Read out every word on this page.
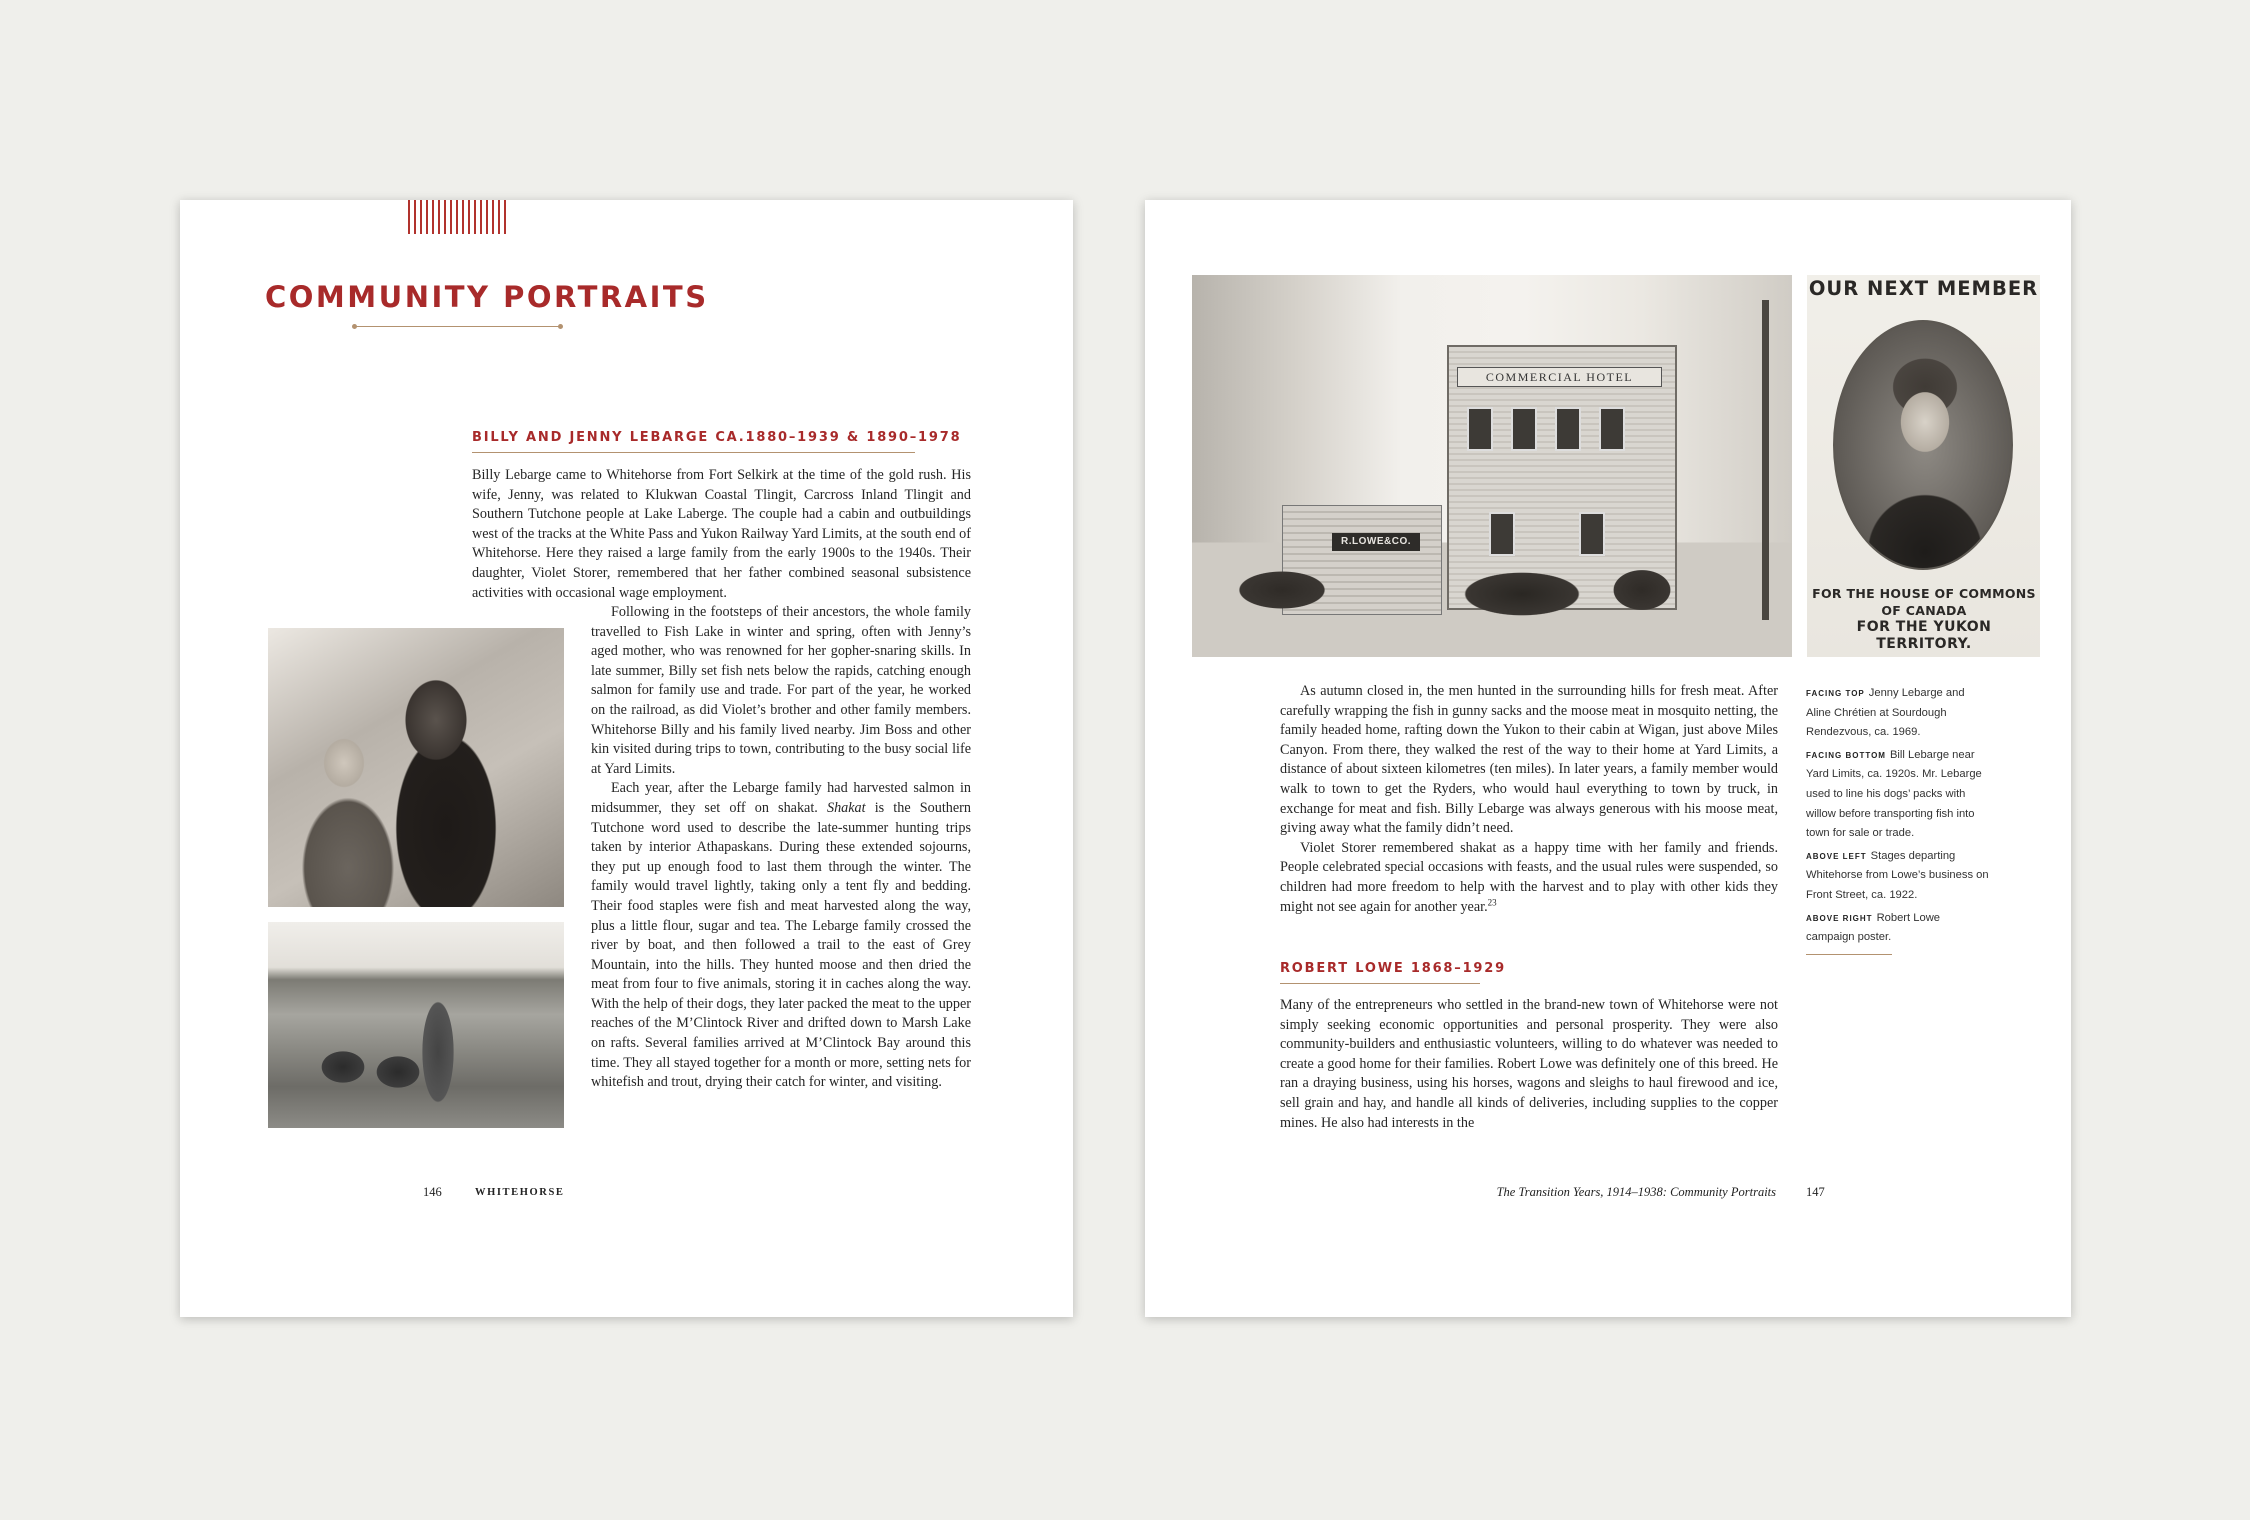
COMMUNITY PORTRAITS
BILLY AND JENNY LEBARGE CA.1880–1939 & 1890–1978

Billy Lebarge came to Whitehorse from Fort Selkirk at the time of the gold rush. His wife, Jenny, was related to Klukwan Coastal Tlingit, Carcross Inland Tlingit and Southern Tutchone people at Lake Laberge. The couple had a cabin and outbuildings west of the tracks at the White Pass and Yukon Railway Yard Limits, at the south end of Whitehorse. Here they raised a large family from the early 1900s to the 1940s. Their daughter, Violet Storer, remembered that her father combined seasonal subsistence activities with occasional wage employment.

Following in the footsteps of their ancestors, the whole family travelled to Fish Lake in winter and spring, often with Jenny’s aged mother, who was renowned for her gopher-snaring skills. In late summer, Billy set fish nets below the rapids, catching enough salmon for family use and trade. For part of the year, he worked on the railroad, as did Violet’s brother and other family members. Whitehorse Billy and his family lived nearby. Jim Boss and other kin visited during trips to town, contributing to the busy social life at Yard Limits.

Each year, after the Lebarge family had harvested salmon in midsummer, they set off on shakat. Shakat is the Southern Tutchone word used to describe the late-summer hunting trips taken by interior Athapaskans. During these extended sojourns, they put up enough food to last them through the winter. The family would travel lightly, taking only a tent fly and bedding. Their food staples were fish and meat harvested along the way, plus a little flour, sugar and tea. The Lebarge family crossed the river by boat, and then followed a trail to the east of Grey Mountain, into the hills. They hunted moose and then dried the meat from four to five animals, storing it in caches along the way. With the help of their dogs, they later packed the meat to the upper reaches of the M’Clintock River and drifted down to Marsh Lake on rafts. Several families arrived at M’Clintock Bay around this time. They all stayed together for a month or more, setting nets for whitefish and trout, drying their catch for winter, and visiting.

146	WHITEHORSE
R.LOWE&CO.
COMMERCIAL HOTEL
OUR NEXT MEMBER
FOR THE HOUSE OF COMMONS OF CANADA
FOR THE YUKON TERRITORY.

As autumn closed in, the men hunted in the surrounding hills for fresh meat. After carefully wrapping the fish in gunny sacks and the moose meat in mosquito netting, the family headed home, rafting down the Yukon to their cabin at Wigan, just above Miles Canyon. From there, they walked the rest of the way to their home at Yard Limits, a distance of about sixteen kilometres (ten miles). In later years, a family member would walk to town to get the Ryders, who would haul everything to town by truck, in exchange for meat and fish. Billy Lebarge was always generous with his moose meat, giving away what the family didn’t need.

Violet Storer remembered shakat as a happy time with her family and friends. People celebrated special occasions with feasts, and the usual rules were suspended, so children had more freedom to help with the harvest and to play with other kids they might not see again for another year.$^{23}$

ROBERT LOWE 1868–1929

Many of the entrepreneurs who settled in the brand-new town of Whitehorse were not simply seeking economic opportunities and personal prosperity. They were also community-builders and enthusiastic volunteers, willing to do whatever was needed to create a good home for their families. Robert Lowe was definitely one of this breed. He ran a draying business, using his horses, wagons and sleighs to haul firewood and ice, sell grain and hay, and handle all kinds of deliveries, including supplies to the copper mines. He also had interests in the

FACING TOP Jenny Lebarge and Aline Chrétien at Sourdough Rendezvous, ca. 1969.
FACING BOTTOM Bill Lebarge near Yard Limits, ca. 1920s. Mr. Lebarge used to line his dogs’ packs with willow before transporting fish into town for sale or trade.
ABOVE LEFT Stages departing Whitehorse from Lowe’s business on Front Street, ca. 1922.
ABOVE RIGHT Robert Lowe campaign poster.
The Transition Years, 1914–1938: Community Portraits 147
